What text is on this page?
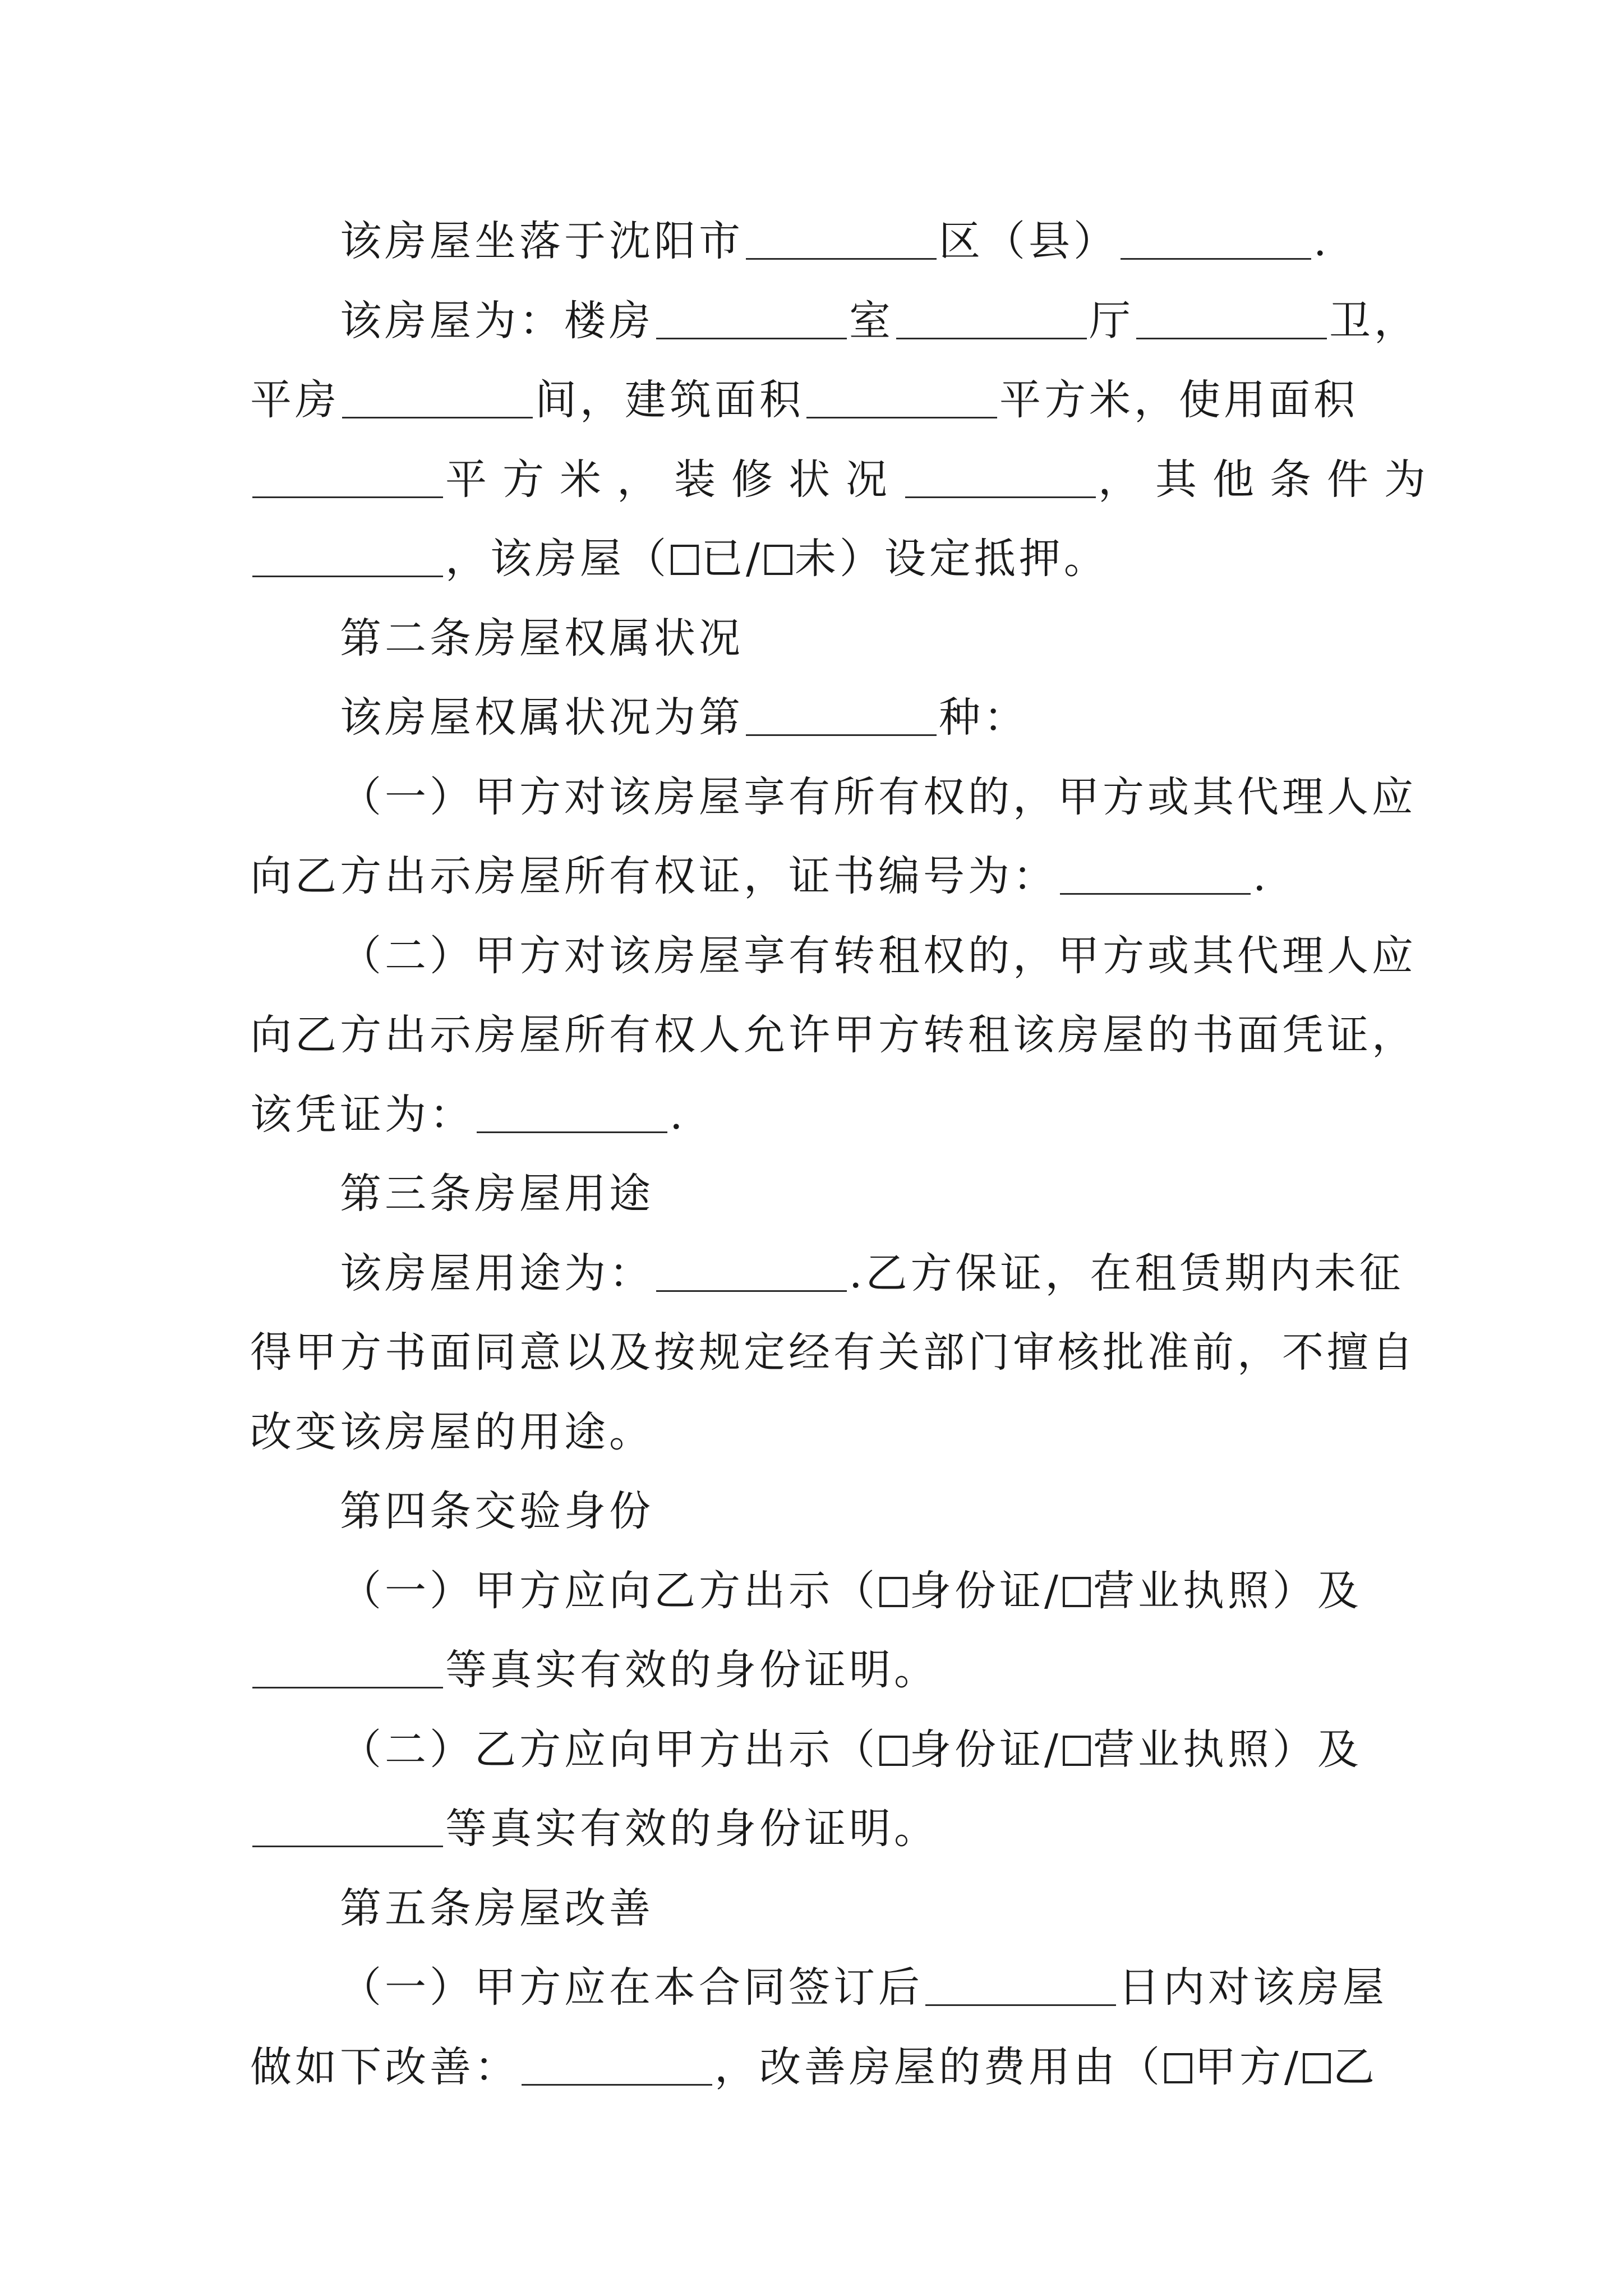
该房屋坐落于沈阳市	区（县）	.
该房屋为：楼房	室	厅	卫，
平房	间，建筑面积	平方米，使用面积
平方米，装修状况	，其他条件为
，该房屋（ 已/ 未）设定抵押。
第二条房屋权属状况
该房屋权属状况为第	种：
（一）甲方对该房屋享有所有权的，甲方或其代理人应
向乙方出示房屋所有权证，证书编号为：	.
（二）甲方对该房屋享有转租权的，甲方或其代理人应
向乙方出示房屋所有权人允许甲方转租该房屋的书面凭证，
该凭证为：	.
第三条房屋用途
该房屋用途为：	.乙方保证，在租赁期内未征
得甲方书面同意以及按规定经有关部门审核批准前，不擅自
改变该房屋的用途。
第四条交验身份
（一）甲方应向乙方出示（ 身份证/ 营业执照）及
等真实有效的身份证明。
（二）乙方应向甲方出示（ 身份证/ 营业执照）及
等真实有效的身份证明。
第五条房屋改善
（一）甲方应在本合同签订后	日内对该房屋
做如下改善：	，改善房屋的费用由（ 甲方/ 乙
